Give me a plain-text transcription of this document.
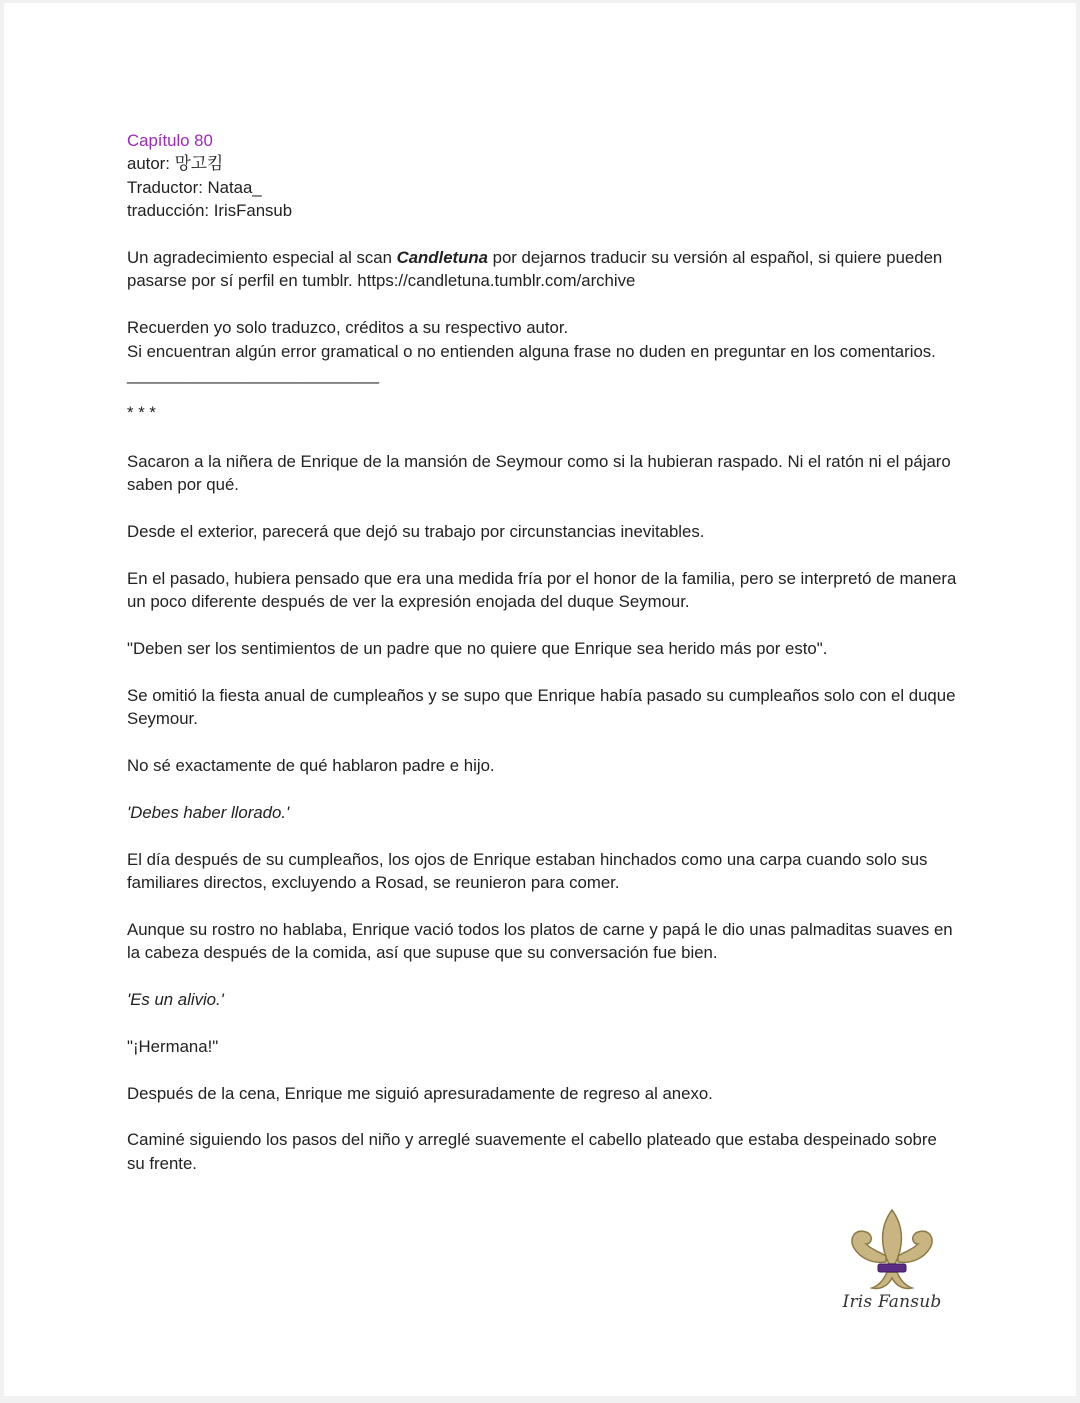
Capítulo 80

autor: 망고킴

Traductor: Nataa_

traducción: IrisFansub

Un agradecimiento especial al scan Candletuna por dejarnos traducir su versión al español, si quiere pueden pasarse por sí perfil en tumblr. https://candletuna.tumblr.com/archive

Recuerden yo solo traduzco, créditos a su respectivo autor.

Si encuentran algún error gramatical o no entienden alguna frase no duden en preguntar en los comentarios.

___________________________

* * *

Sacaron a la niñera de Enrique de la mansión de Seymour como si la hubieran raspado. Ni el ratón ni el pájaro saben por qué.

Desde el exterior, parecerá que dejó su trabajo por circunstancias inevitables.

En el pasado, hubiera pensado que era una medida fría por el honor de la familia, pero se interpretó de manera un poco diferente después de ver la expresión enojada del duque Seymour.

"Deben ser los sentimientos de un padre que no quiere que Enrique sea herido más por esto".

Se omitió la fiesta anual de cumpleaños y se supo que Enrique había pasado su cumpleaños solo con el duque Seymour.

No sé exactamente de qué hablaron padre e hijo.

'Debes haber llorado.'

El día después de su cumpleaños, los ojos de Enrique estaban hinchados como una carpa cuando solo sus familiares directos, excluyendo a Rosad, se reunieron para comer.

Aunque su rostro no hablaba, Enrique vació todos los platos de carne y papá le dio unas palmaditas suaves en la cabeza después de la comida, así que supuse que su conversación fue bien.

'Es un alivio.'

"¡Hermana!"

Después de la cena, Enrique me siguió apresuradamente de regreso al anexo.

Caminé siguiendo los pasos del niño y arreglé suavemente el cabello plateado que estaba despeinado sobre su frente.

Iris Fansub
